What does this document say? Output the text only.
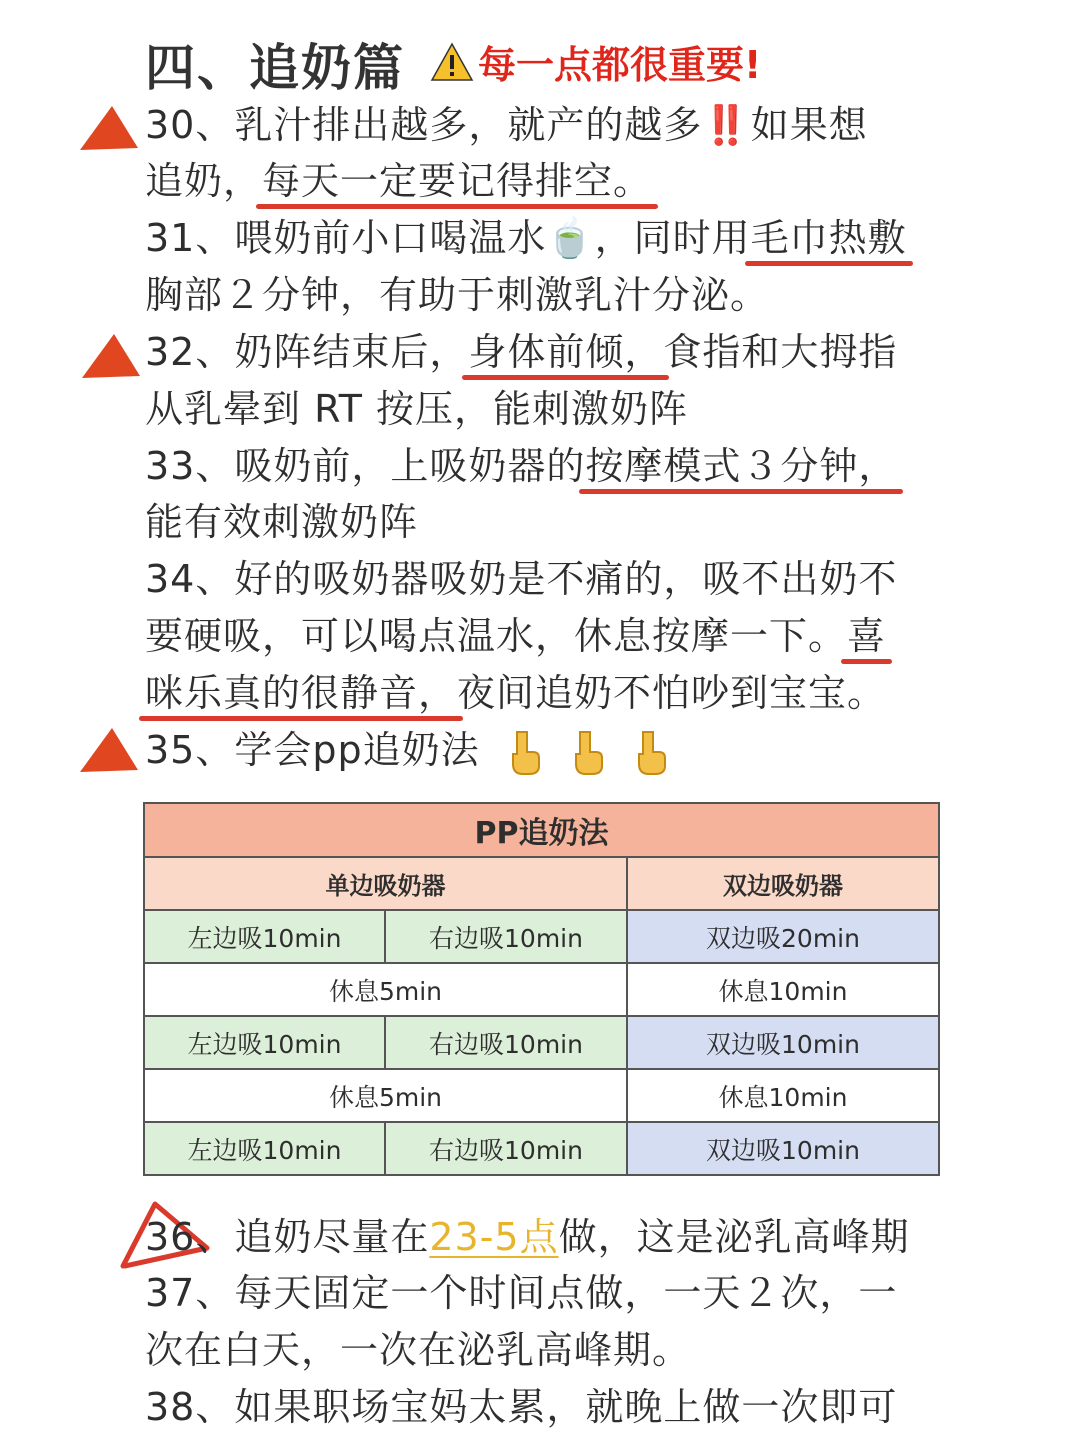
四、追奶篇 每一点都很重要!
30、乳汁排出越多，就产的越多‼️如果想
追奶，每天一定要记得排空。
31、喂奶前小口喝温水🍵，同时用毛巾热敷
胸部２分钟，有助于刺激乳汁分泌。
32、奶阵结束后，身体前倾，食指和大拇指
从乳晕到 RT 按压，能刺激奶阵
33、吸奶前，上吸奶器的按摩模式３分钟，
能有效刺激奶阵
34、好的吸奶器吸奶是不痛的，吸不出奶不
要硬吸，可以喝点温水，休息按摩一下。喜
咪乐真的很静音，夜间追奶不怕吵到宝宝。
35、学会pp追奶法
PP追奶法		
单边吸奶器		双边吸奶器
左边吸10min	右边吸10min	双边吸20min
休息5min		休息10min
左边吸10min	右边吸10min	双边吸10min
休息5min		休息10min
左边吸10min	右边吸10min	双边吸10min
36、追奶尽量在23-5点做，这是泌乳高峰期
37、每天固定一个时间点做，一天２次，一
次在白天，一次在泌乳高峰期。
38、如果职场宝妈太累，就晚上做一次即可
